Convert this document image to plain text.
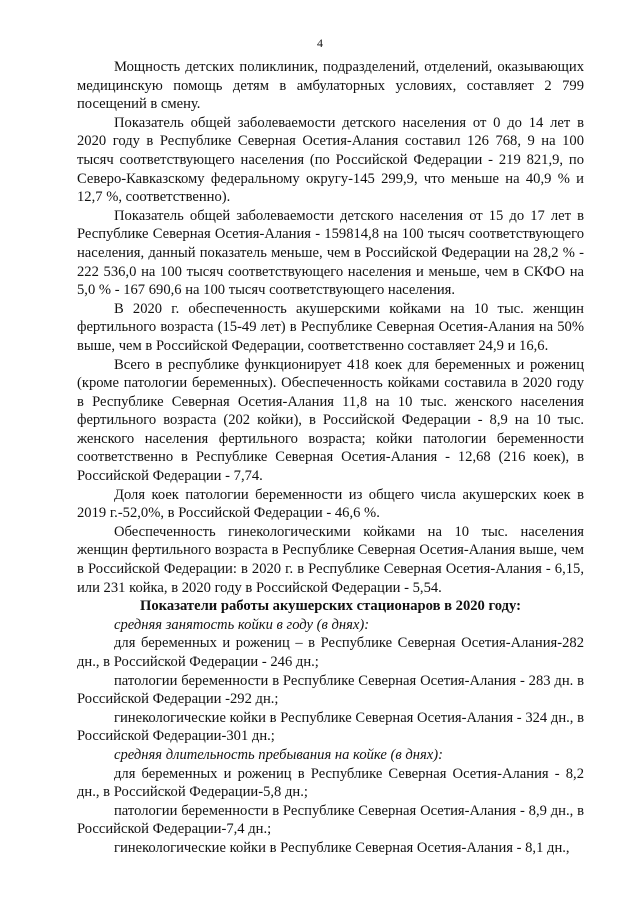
4

Мощность детских поликлиник, подразделений, отделений, оказывающих медицинскую помощь детям в амбулаторных условиях, составляет 2 799 посещений в смену.

Показатель общей заболеваемости детского населения от 0 до 14 лет в 2020 году в Республике Северная Осетия-Алания составил 126 768, 9 на 100 тысяч соответствующего населения (по Российской Федерации - 219 821,9, по Северо-Кавказскому федеральному округу-145 299,9, что меньше на 40,9 % и 12,7 %, соответственно).

Показатель общей заболеваемости детского населения от 15 до 17 лет в Республике Северная Осетия-Алания - 159814,8 на 100 тысяч соответствующего населения, данный показатель меньше, чем в Российской Федерации на 28,2 % - 222 536,0 на 100 тысяч соответствующего населения и меньше, чем в СКФО на 5,0 % - 167 690,6 на 100 тысяч соответствующего населения.

В 2020 г. обеспеченность акушерскими койками на 10 тыс. женщин фертильного возраста (15-49 лет) в Республике Северная Осетия-Алания на 50% выше, чем в Российской Федерации, соответственно составляет 24,9 и 16,6.

Всего в республике функционирует 418 коек для беременных и рожениц (кроме патологии беременных). Обеспеченность койками составила в 2020 году в Республике Северная Осетия-Алания 11,8 на 10 тыс. женского населения фертильного возраста (202 койки), в Российской Федерации - 8,9 на 10 тыс. женского населения фертильного возраста; койки патологии беременности соответственно в Республике Северная Осетия-Алания - 12,68 (216 коек), в Российской Федерации - 7,74.

Доля коек патологии беременности из общего числа акушерских коек в 2019 г.-52,0%, в Российской Федерации - 46,6 %.

Обеспеченность гинекологическими койками на 10 тыс. населения женщин фертильного возраста в Республике Северная Осетия-Алания выше, чем в Российской Федерации: в 2020 г. в Республике Северная Осетия-Алания - 6,15, или 231 койка, в 2020 году в Российской Федерации - 5,54.

Показатели работы акушерских стационаров в 2020 году:

средняя занятость койки в году (в днях):

для беременных и рожениц – в Республике Северная Осетия-Алания-282 дн., в Российской Федерации - 246 дн.;

патологии беременности в Республике Северная Осетия-Алания - 283 дн. в Российской Федерации -292 дн.;

гинекологические койки в Республике Северная Осетия-Алания - 324 дн., в Российской Федерации-301 дн.;

средняя длительность пребывания на койке (в днях):

для беременных и рожениц в Республике Северная Осетия-Алания - 8,2 дн., в Российской Федерации-5,8 дн.;

патологии беременности в Республике Северная Осетия-Алания - 8,9 дн., в Российской Федерации-7,4 дн.;

гинекологические койки в Республике Северная Осетия-Алания - 8,1 дн.,
